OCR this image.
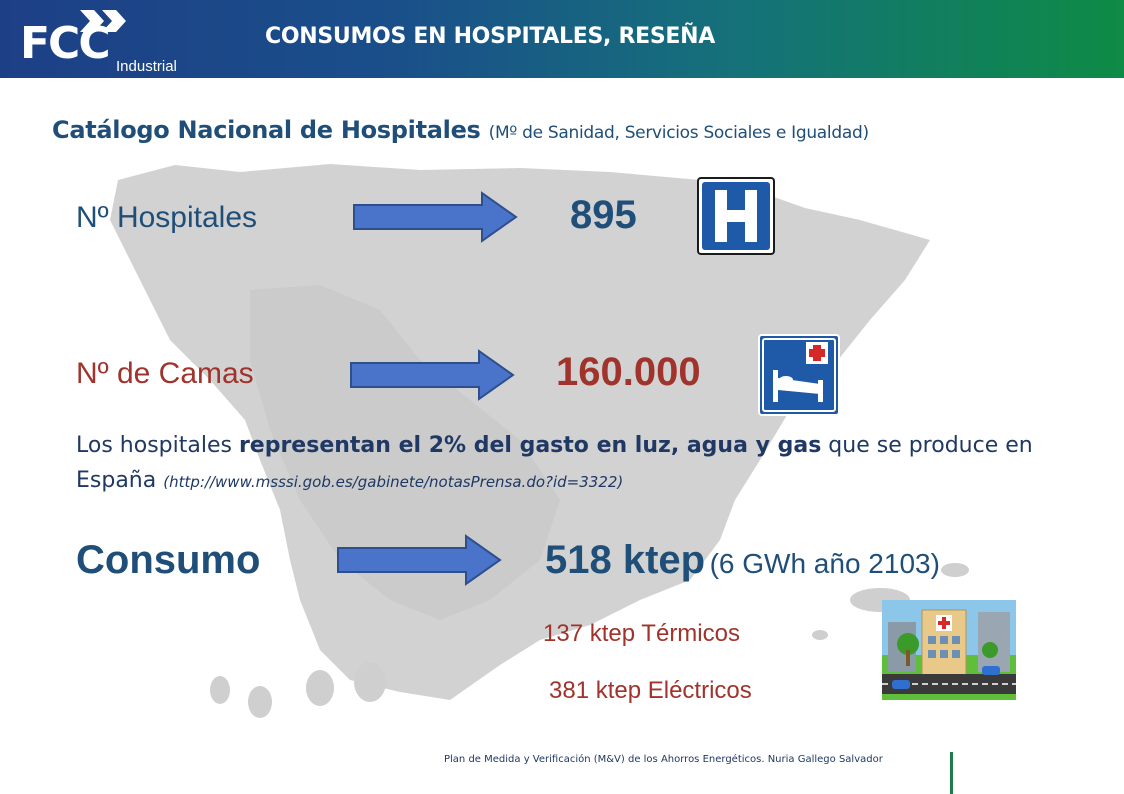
FCC Industrial
CONSUMOS EN HOSPITALES, RESEÑA
Catálogo Nacional de Hospitales (Mº de Sanidad, Servicios Sociales e Igualdad)
Nº Hospitales	895
Nº de Camas	160.000
Los hospitales representan el 2% del gasto en luz, agua y gas que se produce en España (http://www.msssi.gob.es/gabinete/notasPrensa.do?id=3322)
Consumo	518 ktep (6 GWh año 2103)
137 ktep Térmicos
381 ktep Eléctricos
Plan de Medida y Verificación (M&V) de los Ahorros Energéticos. Nuria Gallego Salvador
